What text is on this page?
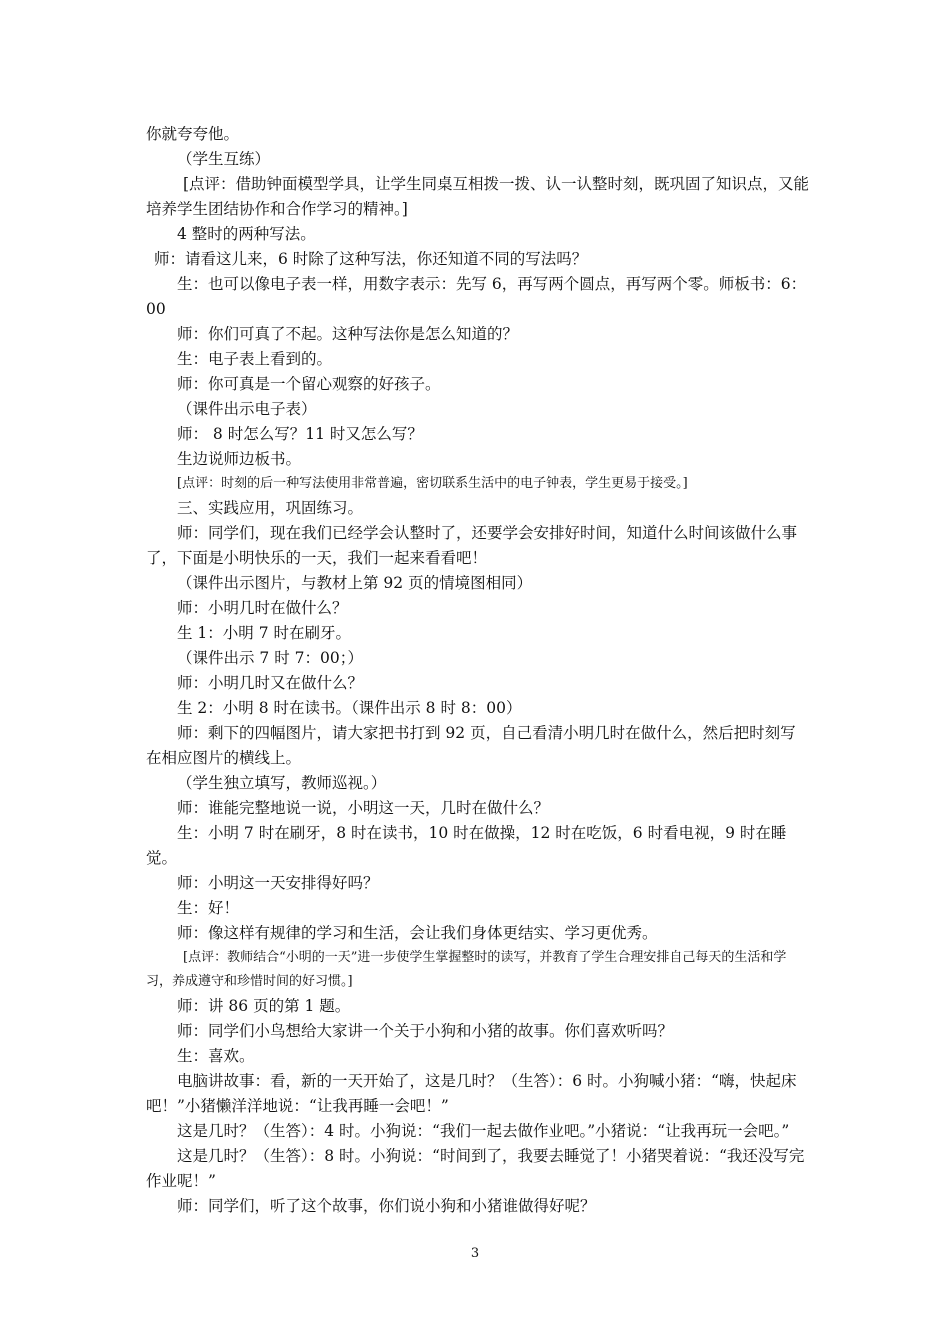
你就夸夸他。

（学生互练）

[点评：借助钟面模型学具，让学生同桌互相拨一拨、认一认整时刻，既巩固了知识点，又能培养学生团结协作和合作学习的精神。]

4 整时的两种写法。

师：请看这儿来，6 时除了这种写法，你还知道不同的写法吗？

生：也可以像电子表一样，用数字表示：先写 6，再写两个圆点，再写两个零。师板书：6：00

师：你们可真了不起。这种写法你是怎么知道的？

生：电子表上看到的。

师：你可真是一个留心观察的好孩子。

（课件出示电子表）

师： 8 时怎么写？11 时又怎么写？

生边说师边板书。

[点评：时刻的后一种写法使用非常普遍，密切联系生活中的电子钟表，学生更易于接受。]

三、实践应用，巩固练习。

师：同学们，现在我们已经学会认整时了，还要学会安排好时间，知道什么时间该做什么事了，下面是小明快乐的一天，我们一起来看看吧！

（课件出示图片，与教材上第 92 页的情境图相同）

师：小明几时在做什么？

生 1：小明 7 时在刷牙。

（课件出示 7 时 7：00；）

师：小明几时又在做什么？

生 2：小明 8 时在读书。（课件出示 8 时 8：00）

师：剩下的四幅图片，请大家把书打到 92 页，自己看清小明几时在做什么，然后把时刻写在相应图片的横线上。

（学生独立填写，教师巡视。）

师：谁能完整地说一说，小明这一天，几时在做什么？

生：小明 7 时在刷牙，8 时在读书，10 时在做操，12 时在吃饭，6 时看电视，9 时在睡觉。

师：小明这一天安排得好吗？

生：好！

师：像这样有规律的学习和生活，会让我们身体更结实、学习更优秀。

[点评：教师结合“小明的一天”进一步使学生掌握整时的读写，并教育了学生合理安排自己每天的生活和学习，养成遵守和珍惜时间的好习惯。]

师：讲 86 页的第 1 题。

师：同学们小鸟想给大家讲一个关于小狗和小猪的故事。你们喜欢听吗？

生：喜欢。

电脑讲故事：看，新的一天开始了，这是几时？（生答）：6 时。小狗喊小猪：“嗨，快起床吧！”小猪懒洋洋地说：“让我再睡一会吧！”

这是几时？（生答）：4 时。小狗说：“我们一起去做作业吧。”小猪说：“让我再玩一会吧。”

这是几时？（生答）：8 时。小狗说：“时间到了，我要去睡觉了！小猪哭着说：“我还没写完作业呢！”

师：同学们，听了这个故事，你们说小狗和小猪谁做得好呢？

3
